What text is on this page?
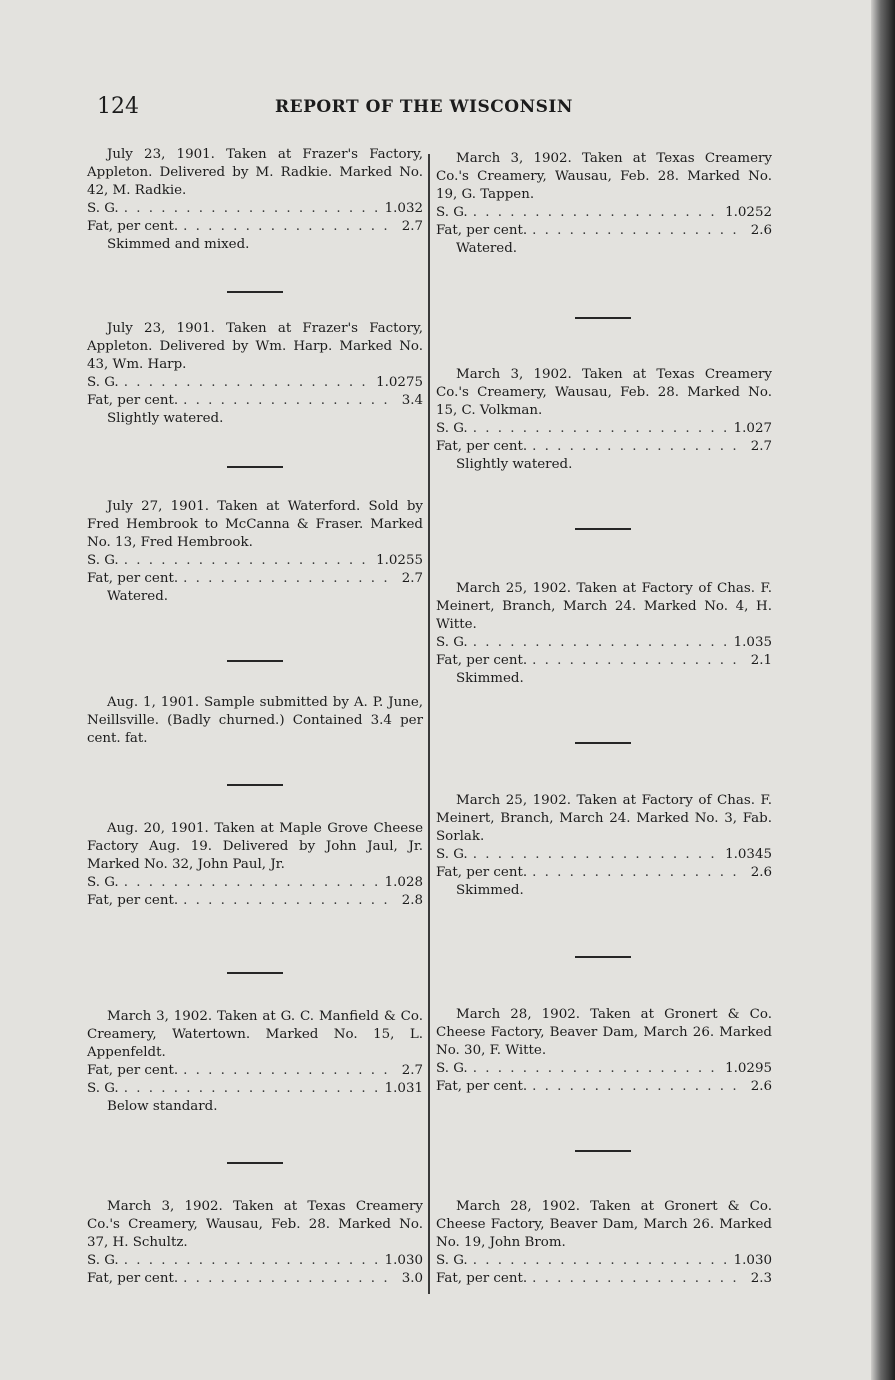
124	REPORT OF THE WISCONSIN

July 23, 1901. Taken at Frazer's Factory, Appleton. Delivered by M. Radkie. Marked No. 42, M. Radkie.

S. G. . . .	1.032
Fat, per cent. . . .	2.7

Skimmed and mixed.

July 23, 1901. Taken at Frazer's Factory, Appleton. Delivered by Wm. Harp. Marked No. 43, Wm. Harp.

S. G. . . .	1.0275
Fat, per cent. . . .	3.4

Slightly watered.

July 27, 1901. Taken at Waterford. Sold by Fred Hembrook to McCanna & Fraser. Marked No. 13, Fred Hembrook.

S. G. . . .	1.0255
Fat, per cent. . . .	2.7

Watered.

Aug. 1, 1901. Sample submitted by A. P. June, Neillsville. (Badly churned.) Contained 3.4 per cent. fat.

Aug. 20, 1901. Taken at Maple Grove Cheese Factory Aug. 19. Delivered by John Jaul, Jr. Marked No. 32, John Paul, Jr.

S. G. . . .	1.028
Fat, per cent. . . .	2.8

March 3, 1902. Taken at G. C. Manfield & Co. Creamery, Watertown. Marked No. 15, L. Appenfeldt.

Fat, per cent. . . .	2.7
S. G. . . .	1.031

Below standard.

March 3, 1902. Taken at Texas Creamery Co.'s Creamery, Wausau, Feb. 28. Marked No. 37, H. Schultz.

S. G. . . .	1.030
Fat, per cent. . . .	3.0

March 3, 1902. Taken at Texas Creamery Co.'s Creamery, Wausau, Feb. 28. Marked No. 19, G. Tappen.

S. G. . . .	1.0252
Fat, per cent. . . .	2.6

Watered.

March 3, 1902. Taken at Texas Creamery Co.'s Creamery, Wausau, Feb. 28. Marked No. 15, C. Volkman.

S. G. . . .	1.027
Fat, per cent. . . .	2.7

Slightly watered.

March 25, 1902. Taken at Factory of Chas. F. Meinert, Branch, March 24. Marked No. 4, H. Witte.

S. G. . . .	1.035
Fat, per cent. . . .	2.1

Skimmed.

March 25, 1902. Taken at Factory of Chas. F. Meinert, Branch, March 24. Marked No. 3, Fab. Sorlak.

S. G. . . .	1.0345
Fat, per cent. . . .	2.6

Skimmed.

March 28, 1902. Taken at Gronert & Co. Cheese Factory, Beaver Dam, March 26. Marked No. 30, F. Witte.

S. G. . . .	1.0295
Fat, per cent. . . .	2.6

March 28, 1902. Taken at Gronert & Co. Cheese Factory, Beaver Dam, March 26. Marked No. 19, John Brom.

S. G. . . .	1.030
Fat, per cent. . . .	2.3
